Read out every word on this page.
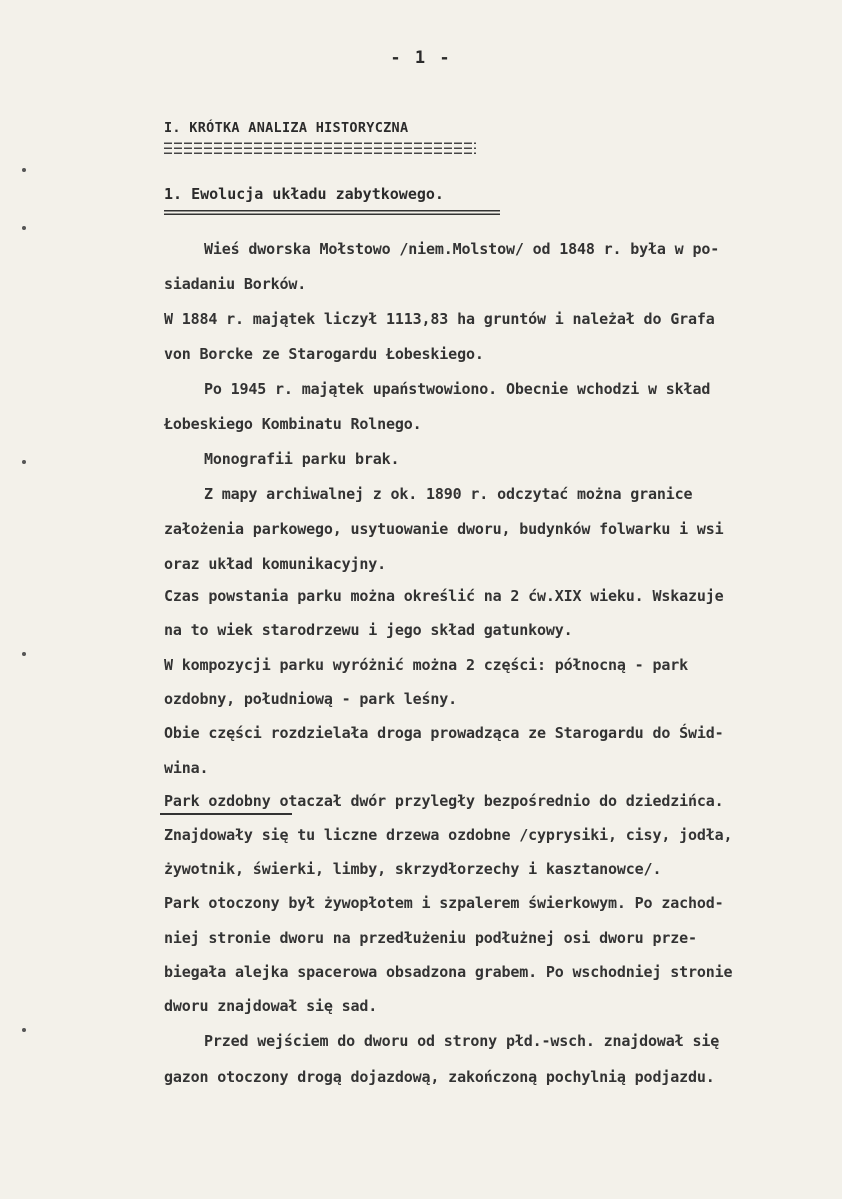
- 1 -
I. KRÓTKA ANALIZA HISTORYCZNA
1. Ewolucja układu zabytkowego.
Wieś dworska Mołstowo /niem.Molstow/ od 1848 r. była w po-
siadaniu Borków.
W 1884 r. majątek liczył 1113,83 ha gruntów i należał do Grafa
von Borcke ze Starogardu Łobeskiego.
Po 1945 r. majątek upaństwowiono. Obecnie wchodzi w skład
Łobeskiego Kombinatu Rolnego.
Monografii parku brak.
Z mapy archiwalnej z ok. 1890 r. odczytać można granice
założenia parkowego, usytuowanie dworu, budynków folwarku i wsi
oraz układ komunikacyjny.
Czas powstania parku można określić na 2 ćw.XIX wieku. Wskazuje
na to wiek starodrzewu i jego skład gatunkowy.
W kompozycji parku wyróżnić można 2 części: północną - park
ozdobny, południową - park leśny.
Obie części rozdzielała droga prowadząca ze Starogardu do Świd-
wina.
Park ozdobny otaczał dwór przyległy bezpośrednio do dziedzińca.
Znajdowały się tu liczne drzewa ozdobne /cyprysiki, cisy, jodła,
żywotnik, świerki, limby, skrzydłorzechy i kasztanowce/.
Park otoczony był żywopłotem i szpalerem świerkowym. Po zachod-
niej stronie dworu na przedłużeniu podłużnej osi dworu prze-
biegała alejka spacerowa obsadzona grabem. Po wschodniej stronie
dworu znajdował się sad.
Przed wejściem do dworu od strony płd.-wsch. znajdował się
gazon otoczony drogą dojazdową, zakończoną pochylnią podjazdu.
